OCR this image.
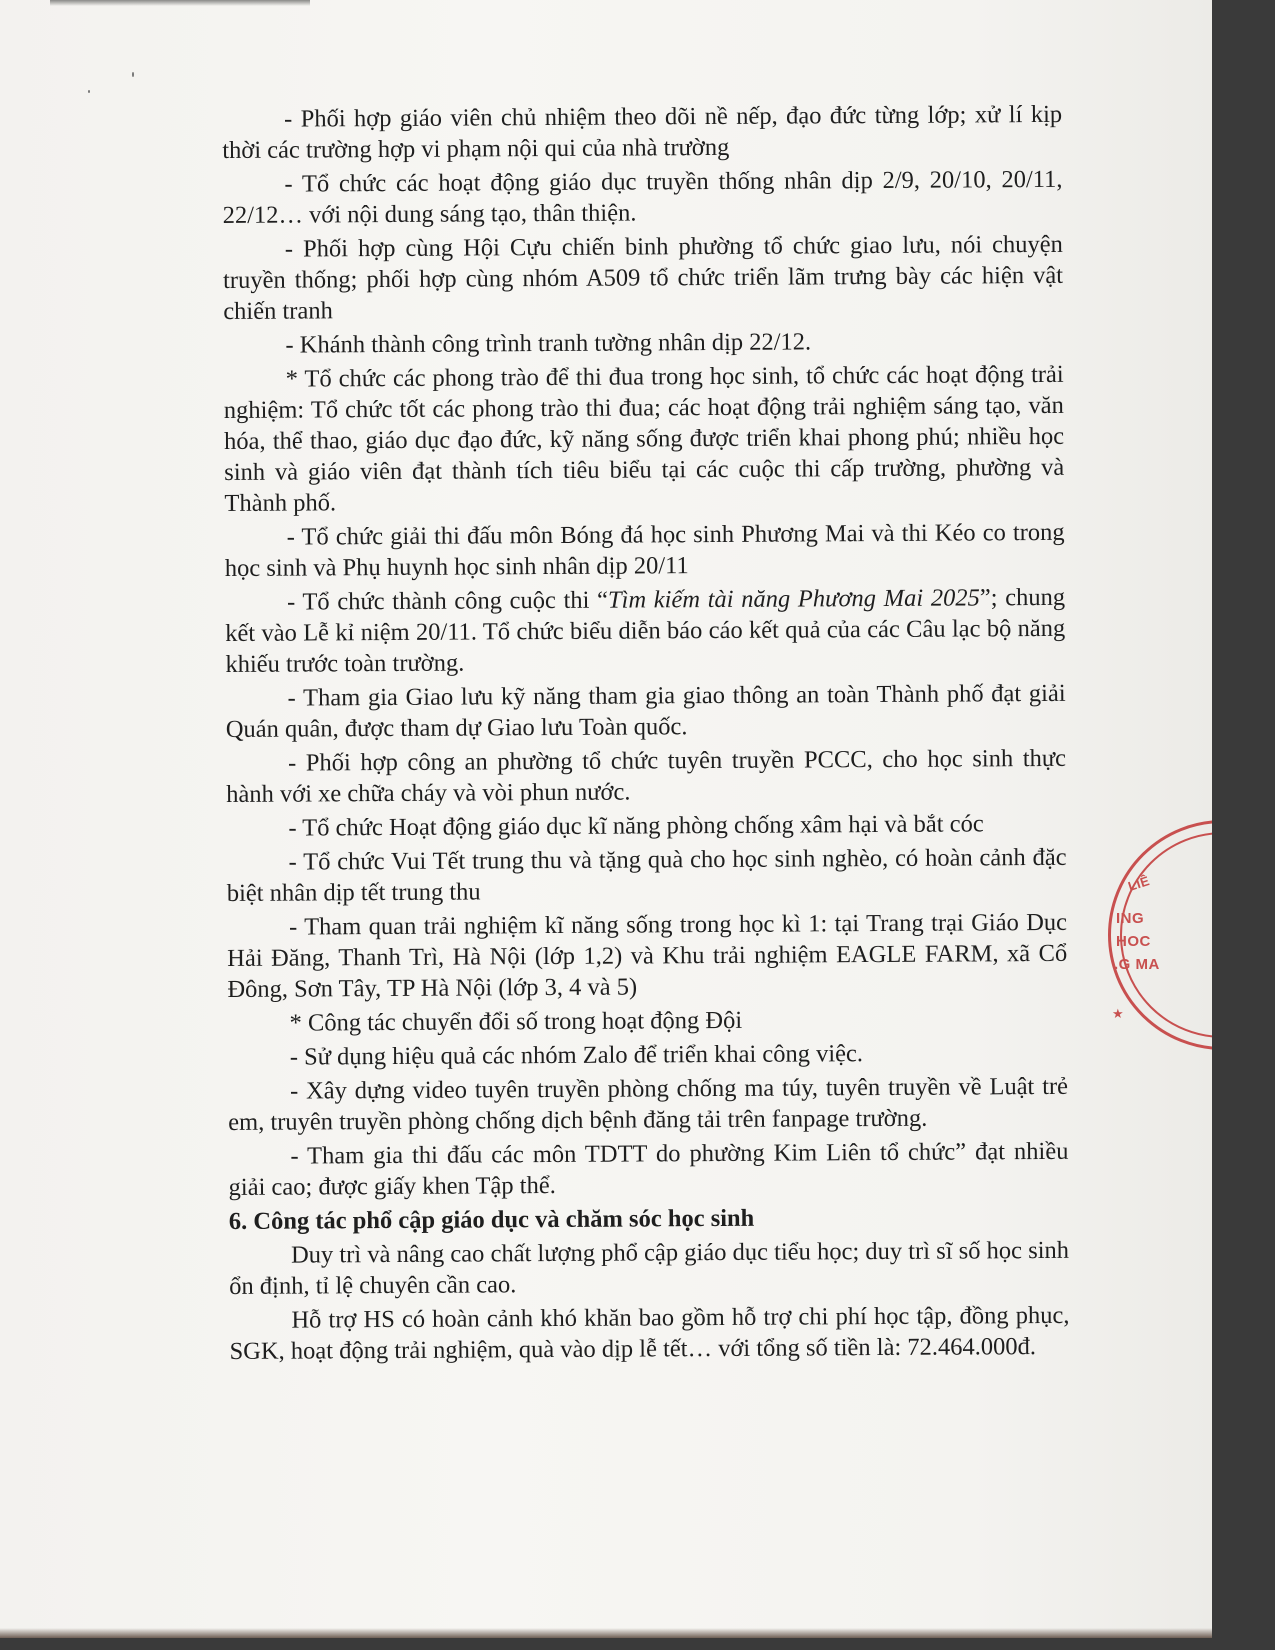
- Phối hợp giáo viên chủ nhiệm theo dõi nề nếp, đạo đức từng lớp; xử lí kịp thời các trường hợp vi phạm nội qui của nhà trường

- Tổ chức các hoạt động giáo dục truyền thống nhân dịp 2/9, 20/10, 20/11, 22/12… với nội dung sáng tạo, thân thiện.

- Phối hợp cùng Hội Cựu chiến binh phường tổ chức giao lưu, nói chuyện truyền thống; phối hợp cùng nhóm A509 tổ chức triển lãm trưng bày các hiện vật chiến tranh

- Khánh thành công trình tranh tường nhân dịp 22/12.

* Tổ chức các phong trào để thi đua trong học sinh, tổ chức các hoạt động trải nghiệm: Tổ chức tốt các phong trào thi đua; các hoạt động trải nghiệm sáng tạo, văn hóa, thể thao, giáo dục đạo đức, kỹ năng sống được triển khai phong phú; nhiều học sinh và giáo viên đạt thành tích tiêu biểu tại các cuộc thi cấp trường, phường và Thành phố.

- Tổ chức giải thi đấu môn Bóng đá học sinh Phương Mai và thi Kéo co trong học sinh và Phụ huynh học sinh nhân dịp 20/11

- Tổ chức thành công cuộc thi “Tìm kiếm tài năng Phương Mai 2025”; chung kết vào Lễ kỉ niệm 20/11. Tổ chức biểu diễn báo cáo kết quả của các Câu lạc bộ năng khiếu trước toàn trường.

- Tham gia Giao lưu kỹ năng tham gia giao thông an toàn Thành phố đạt giải Quán quân, được tham dự Giao lưu Toàn quốc.

- Phối hợp công an phường tổ chức tuyên truyền PCCC, cho học sinh thực hành với xe chữa cháy và vòi phun nước.

- Tổ chức Hoạt động giáo dục kĩ năng phòng chống xâm hại và bắt cóc

- Tổ chức Vui Tết trung thu và tặng quà cho học sinh nghèo, có hoàn cảnh đặc biệt nhân dịp tết trung thu

- Tham quan trải nghiệm kĩ năng sống trong học kì 1: tại Trang trại Giáo Dục Hải Đăng, Thanh Trì, Hà Nội (lớp 1,2) và Khu trải nghiệm EAGLE FARM, xã Cổ Đông, Sơn Tây, TP Hà Nội (lớp 3, 4 và 5)

* Công tác chuyển đổi số trong hoạt động Đội

- Sử dụng hiệu quả các nhóm Zalo để triển khai công việc.

- Xây dựng video tuyên truyền phòng chống ma túy, tuyên truyền về Luật trẻ em, truyên truyền phòng chống dịch bệnh đăng tải trên fanpage trường.

- Tham gia thi đấu các môn TDTT do phường Kim Liên tổ chức” đạt nhiều giải cao; được giấy khen Tập thể.

6. Công tác phổ cập giáo dục và chăm sóc học sinh

Duy trì và nâng cao chất lượng phổ cập giáo dục tiểu học; duy trì sĩ số học sinh ổn định, tỉ lệ chuyên cần cao.

Hỗ trợ HS có hoàn cảnh khó khăn bao gồm hỗ trợ chi phí học tập, đồng phục, SGK, hoạt động trải nghiệm, quà vào dịp lễ tết… với tổng số tiền là: 72.464.000đ.

LIÊ
ING
HOC
.G MA
★
